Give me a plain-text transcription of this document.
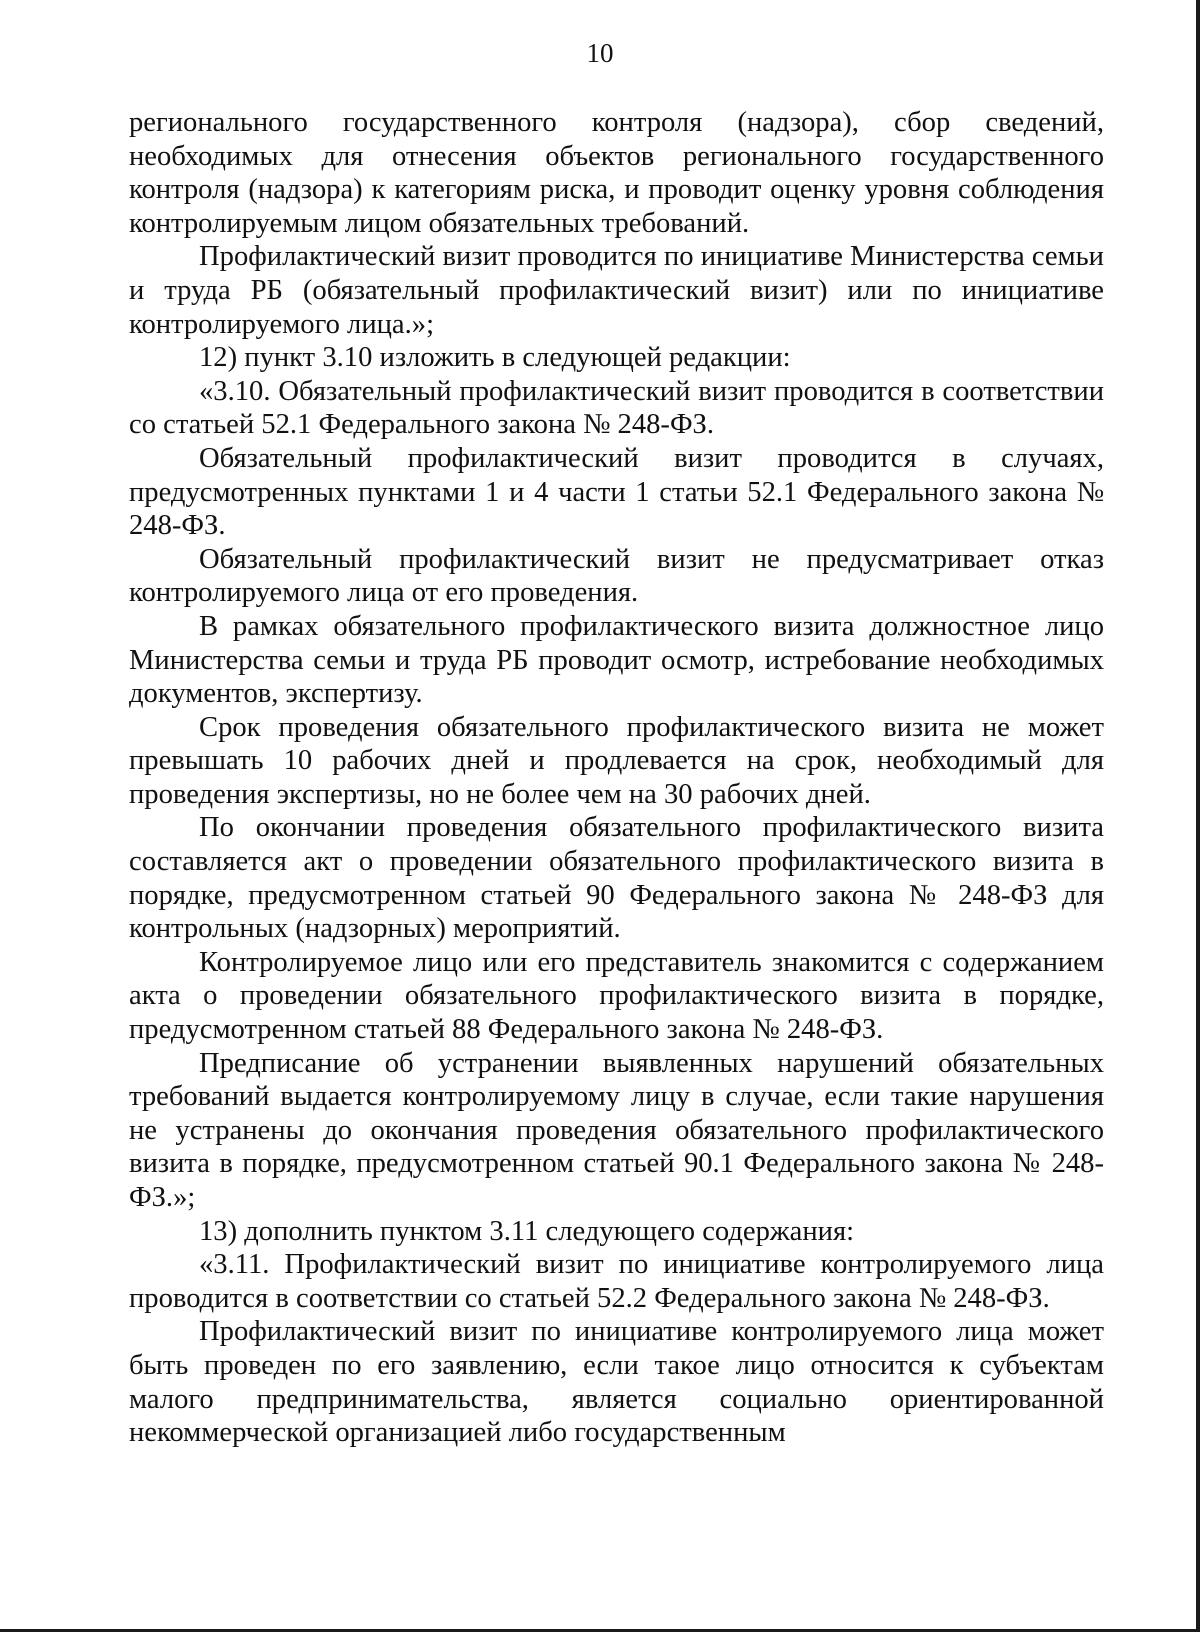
10

регионального государственного контроля (надзора), сбор сведений, необходимых для отнесения объектов регионального государственного контроля (надзора) к категориям риска, и проводит оценку уровня соблюдения контролируемым лицом обязательных требований.

Профилактический визит проводится по инициативе Министерства семьи и труда РБ (обязательный профилактический визит) или по инициативе контролируемого лица.»;

12) пункт 3.10 изложить в следующей редакции:

«3.10. Обязательный профилактический визит проводится в соответствии со статьей 52.1 Федерального закона № 248-ФЗ.

Обязательный профилактический визит проводится в случаях, предусмотренных пунктами 1 и 4 части 1 статьи 52.1 Федерального закона № 248-ФЗ.

Обязательный профилактический визит не предусматривает отказ контролируемого лица от его проведения.

В рамках обязательного профилактического визита должностное лицо Министерства семьи и труда РБ проводит осмотр, истребование необходимых документов, экспертизу.

Срок проведения обязательного профилактического визита не может превышать 10 рабочих дней и продлевается на срок, необходимый для проведения экспертизы, но не более чем на 30 рабочих дней.

По окончании проведения обязательного профилактического визита составляется акт о проведении обязательного профилактического визита в порядке, предусмотренном статьей 90 Федерального закона № 248-ФЗ для контрольных (надзорных) мероприятий.

Контролируемое лицо или его представитель знакомится с содержанием акта о проведении обязательного профилактического визита в порядке, предусмотренном статьей 88 Федерального закона № 248-ФЗ.

Предписание об устранении выявленных нарушений обязательных требований выдается контролируемому лицу в случае, если такие нарушения не устранены до окончания проведения обязательного профилактического визита в порядке, предусмотренном статьей 90.1 Федерального закона № 248-ФЗ.»;

13) дополнить пунктом 3.11 следующего содержания:

«3.11. Профилактический визит по инициативе контролируемого лица проводится в соответствии со статьей 52.2 Федерального закона № 248-ФЗ.

Профилактический визит по инициативе контролируемого лица может быть проведен по его заявлению, если такое лицо относится к субъектам малого предпринимательства, является социально ориентированной некоммерческой организацией либо государственным
